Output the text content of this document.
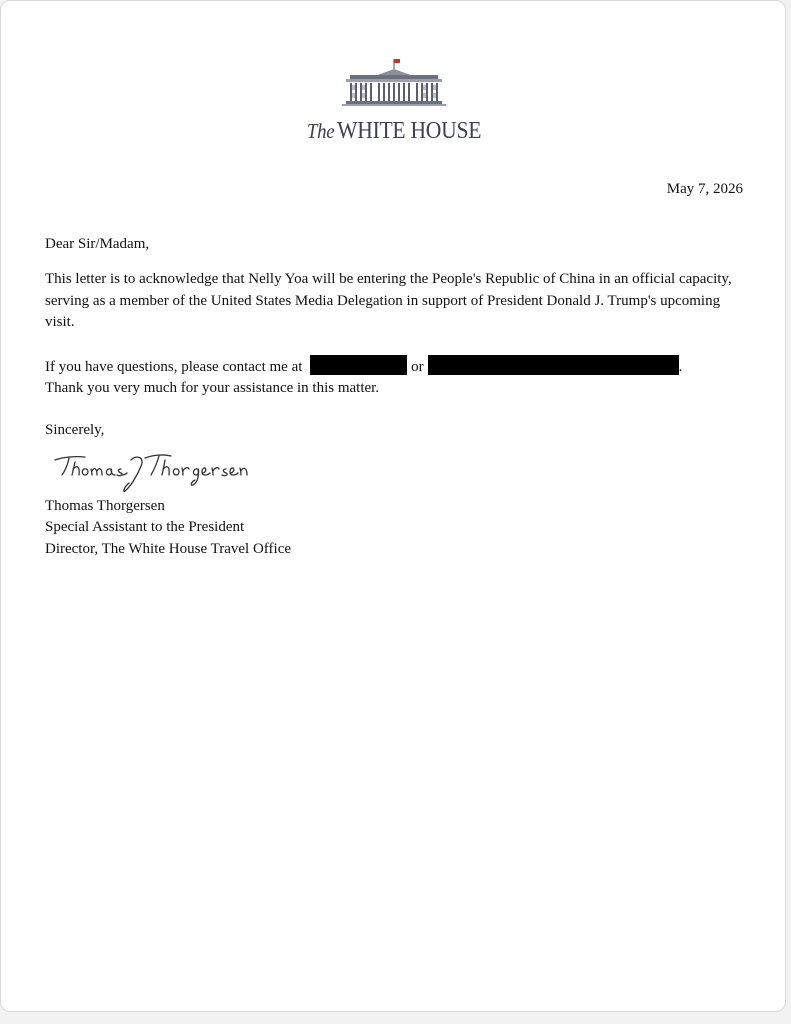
The WHITE HOUSE
May 7, 2026

Dear Sir/Madam,

This letter is to acknowledge that Nelly Yoa will be entering the People's Republic of China in an official capacity, serving as a member of the United States Media Delegation in support of President Donald J. Trump's upcoming visit.

If you have questions, please contact me at	or	.
Thank you very much for your assistance in this matter.

Sincerely,

Thomas Thorgersen
Special Assistant to the President
Director, The White House Travel Office
